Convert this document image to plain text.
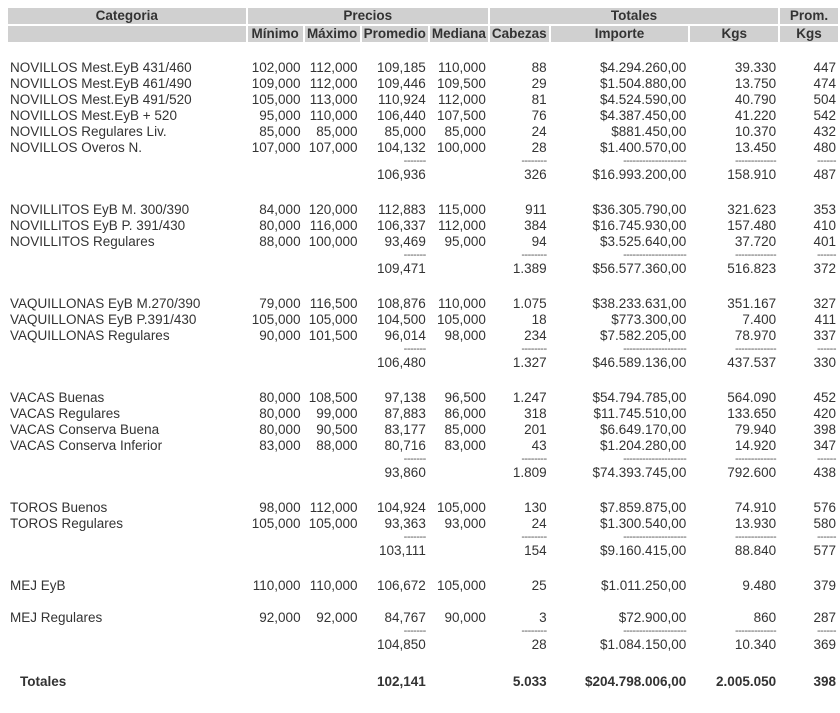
Categoria	Precios				Totales			Prom.
	Mínimo	Máximo	Promedio	Mediana	Cabezas	Importe	Kgs	Kgs

NOVILLOS Mest.EyB 431/460	102,000	112,000	109,185	110,000	88	$4.294.260,00	39.330	447
NOVILLOS Mest.EyB 461/490	109,000	112,000	109,446	109,500	29	$1.504.880,00	13.750	474
NOVILLOS Mest.EyB 491/520	105,000	113,000	110,924	112,000	81	$4.524.590,00	40.790	504
NOVILLOS Mest.EyB + 520	95,000	110,000	106,440	107,500	76	$4.387.450,00	41.220	542
NOVILLOS Regulares Liv.	85,000	85,000	85,000	85,000	24	$881.450,00	10.370	432
NOVILLOS Overos N.	107,000	107,000	104,132	100,000	28	$1.400.570,00	13.450	480
			-------		--------	--------------------	-------------	------
			106,936		326	$16.993.200,00	158.910	487

NOVILLITOS EyB M. 300/390	84,000	120,000	112,883	115,000	911	$36.305.790,00	321.623	353
NOVILLITOS EyB P. 391/430	80,000	116,000	106,337	112,000	384	$16.745.930,00	157.480	410
NOVILLITOS Regulares	88,000	100,000	93,469	95,000	94	$3.525.640,00	37.720	401
			-------		--------	--------------------	-------------	------
			109,471		1.389	$56.577.360,00	516.823	372

VAQUILLONAS EyB M.270/390	79,000	116,500	108,876	110,000	1.075	$38.233.631,00	351.167	327
VAQUILLONAS EyB P.391/430	105,000	105,000	104,500	105,000	18	$773.300,00	7.400	411
VAQUILLONAS Regulares	90,000	101,500	96,014	98,000	234	$7.582.205,00	78.970	337
			-------		--------	--------------------	-------------	------
			106,480		1.327	$46.589.136,00	437.537	330

VACAS Buenas	80,000	108,500	97,138	96,500	1.247	$54.794.785,00	564.090	452
VACAS Regulares	80,000	99,000	87,883	86,000	318	$11.745.510,00	133.650	420
VACAS Conserva Buena	80,000	90,500	83,177	85,000	201	$6.649.170,00	79.940	398
VACAS Conserva Inferior	83,000	88,000	80,716	83,000	43	$1.204.280,00	14.920	347
			-------		--------	--------------------	-------------	------
			93,860		1.809	$74.393.745,00	792.600	438

TOROS Buenos	98,000	112,000	104,924	105,000	130	$7.859.875,00	74.910	576
TOROS Regulares	105,000	105,000	93,363	93,000	24	$1.300.540,00	13.930	580
			-------		--------	--------------------	-------------	------
			103,111		154	$9.160.415,00	88.840	577

MEJ EyB	110,000	110,000	106,672	105,000	25	$1.011.250,00	9.480	379

MEJ Regulares	92,000	92,000	84,767	90,000	3	$72.900,00	860	287
			-------		--------	--------------------	-------------	------
			104,850		28	$1.084.150,00	10.340	369

Totales			102,141		5.033	$204.798.006,00	2.005.050	398
